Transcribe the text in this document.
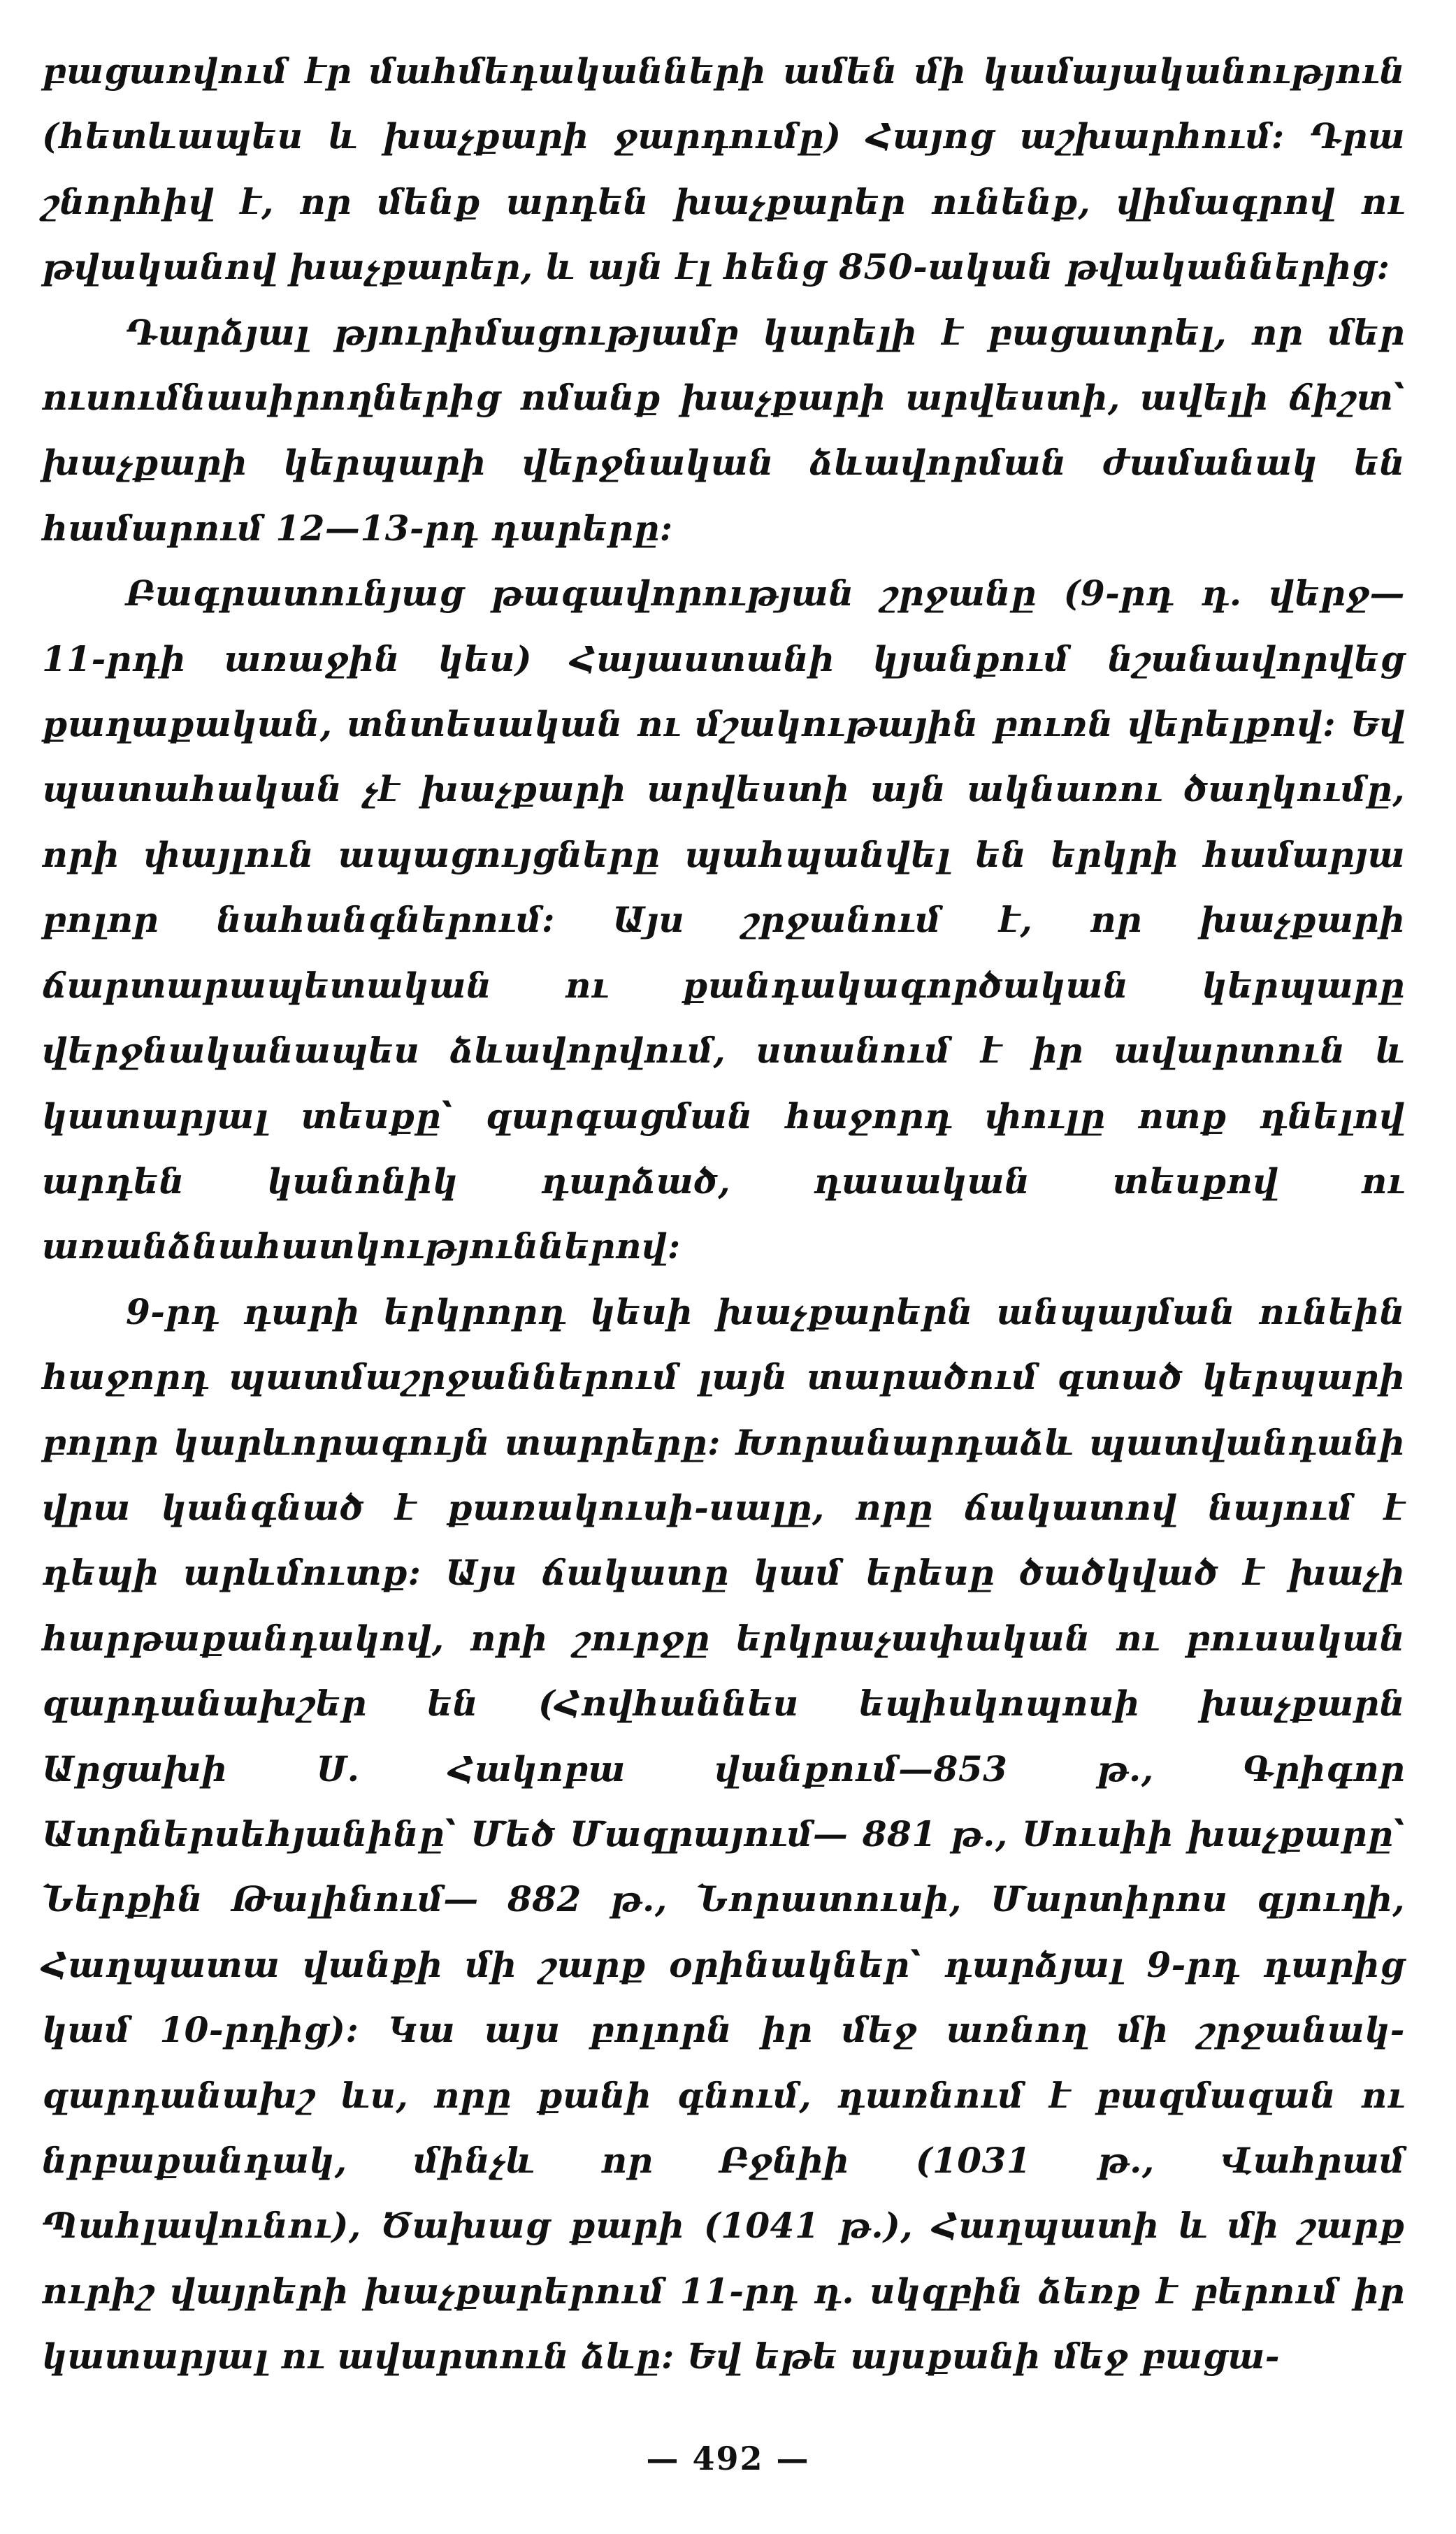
բացառվում էր մահմեդականների ամեն մի կամայականություն (հետևապես և խաչքարի ջարդումը) Հայոց աշխարհում: Դրա շնորհիվ է, որ մենք արդեն խաչքարեր ունենք, վիմագրով ու թվականով խաչքարեր, և այն էլ հենց 850-ական թվականներից:

Դարձյալ թյուրիմացությամբ կարելի է բացատրել, որ մեր ուսումնասիրողներից ոմանք խաչքարի արվեստի, ավելի ճիշտ՝ խաչքարի կերպարի վերջնական ձևավորման ժամանակ են համարում 12—13-րդ դարերը:

Բագրատունյաց թագավորության շրջանը (9-րդ դ. վերջ— 11-րդի առաջին կես) Հայաստանի կյանքում նշանավորվեց քաղաքական, տնտեսական ու մշակութային բուռն վերելքով: Եվ պատահական չէ խաչքարի արվեստի այն ակնառու ծաղկումը, որի փայլուն ապացույցները պահպանվել են երկրի համարյա բոլոր նահանգներում: Այս շրջանում է, որ խաչքարի ճարտարապետական ու քանդակագործական կերպարը վերջնականապես ձևավորվում, ստանում է իր ավարտուն և կատարյալ տեսքը՝ զարգացման հաջորդ փուլը ոտք դնելով արդեն կանոնիկ դարձած, դասական տեսքով ու առանձնահատկություններով:

9-րդ դարի երկրորդ կեսի խաչքարերն անպայման ունեին հաջորդ պատմաշրջաններում լայն տարածում գտած կերպարի բոլոր կարևորագույն տարրերը: Խորանարդաձև պատվանդանի վրա կանգնած է քառակուսի-սալը, որը ճակատով նայում է դեպի արևմուտք: Այս ճակատը կամ երեսը ծածկված է խաչի հարթաքանդակով, որի շուրջը երկրաչափական ու բուսական զարդանախշեր են (Հովհաննես եպիսկոպոսի խաչքարն Արցախի Ս. Հակոբա վանքում—853 թ., Գրիգոր Ատրներսեհյանինը՝ Մեծ Մազրայում— 881 թ., Սուսիի խաչքարը՝ Ներքին Թալինում— 882 թ., Նորատուսի, Մարտիրոս գյուղի, Հաղպատա վանքի մի շարք օրինակներ՝ դարձյալ 9-րդ դարից կամ 10-րդից): Կա այս բոլորն իր մեջ առնող մի շրջանակ-զարդանախշ ևս, որը քանի գնում, դառնում է բազմազան ու նրբաքանդակ, մինչև որ Բջնիի (1031 թ., Վահրամ Պահլավունու), Ծախաց քարի (1041 թ.), Հաղպատի և մի շարք ուրիշ վայրերի խաչքարերում 11-րդ դ. սկզբին ձեռք է բերում իր կատարյալ ու ավարտուն ձևը: Եվ եթե այսքանի մեջ բացա-

— 492 —
